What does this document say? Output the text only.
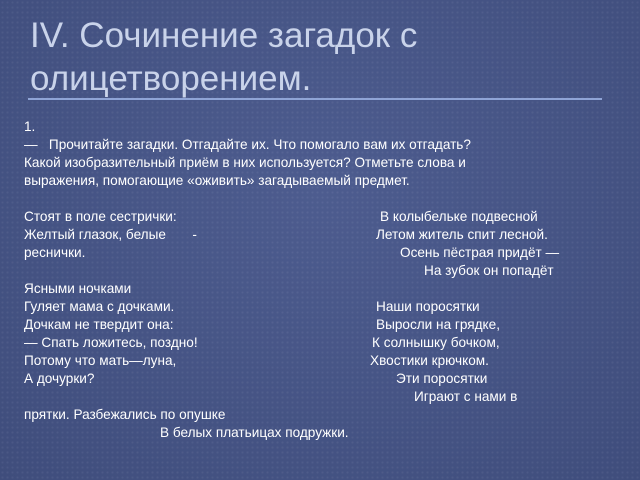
IV. Сочинение загадок с
олицетворением.
1.
—   Прочитайте загадки. Отгадайте их. Что помогало вам их отгадать?
Какой изобразительный приём в них используется? Отметьте слова и
выражения, помогающие «оживить» загадываемый предмет.
Стоят в поле сестрички:
Желтый глазок, белые       -
реснички.
В колыбельке подвесной
Летом житель спит лесной.
Осень пёстрая придёт —
На зубок он попадёт
Ясными ночками
Гуляет мама с дочками.
Дочкам не твердит она:
— Спать ложитесь, поздно!
Потому что мать—луна,
А дочурки?
Наши поросятки
Выросли на грядке,
К солнышку бочком,
Хвостики крючком.
Эти поросятки
Играют с нами в
прятки. Разбежались по опушке
В белых платьицах подружки.
